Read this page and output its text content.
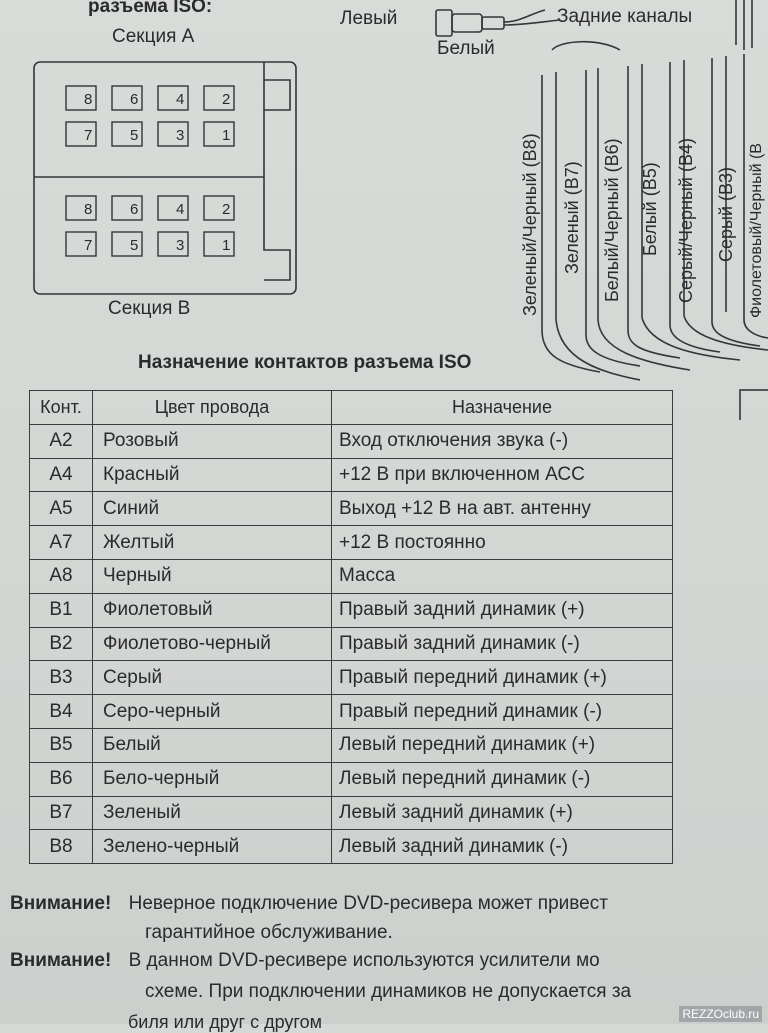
разъема ISO:
Секция А
Левый
Белый
Задние каналы
8	6	4	2
7	5	3	1
8	6	4	2
7	5	3	1
Секция В	Зеленый/Черный (В8) Зеленый (В7) Белый/Черный (В6) Белый (В5) Серый/Черный (В4) Серый (В3) Фиолетовый/Черный (В
Назначение контактов разъема ISO
Конт.	Цвет провода	Назначение
А2	Розовый	Вход отключения звука (-)
А4	Красный	+12 В при включенном АСС
А5	Синий	Выход +12 В на авт. антенну
А7	Желтый	+12 В постоянно
А8	Черный	Масса
В1	Фиолетовый	Правый задний динамик (+)
В2	Фиолетово-черный	Правый задний динамик (-)
В3	Серый	Правый передний динамик (+)
В4	Серо-черный	Правый передний динамик (-)
В5	Белый	Левый передний динамик (+)
В6	Бело-черный	Левый передний динамик (-)
В7	Зеленый	Левый задний динамик (+)
В8	Зелено-черный	Левый задний динамик (-)
Внимание! Неверное подключение DVD-ресивера может привест
гарантийное обслуживание.
Внимание! В данном DVD-ресивере используются усилители мо
схеме. При подключении динамиков не допускается за
биля или друг с другом	REZZOclub.ru
